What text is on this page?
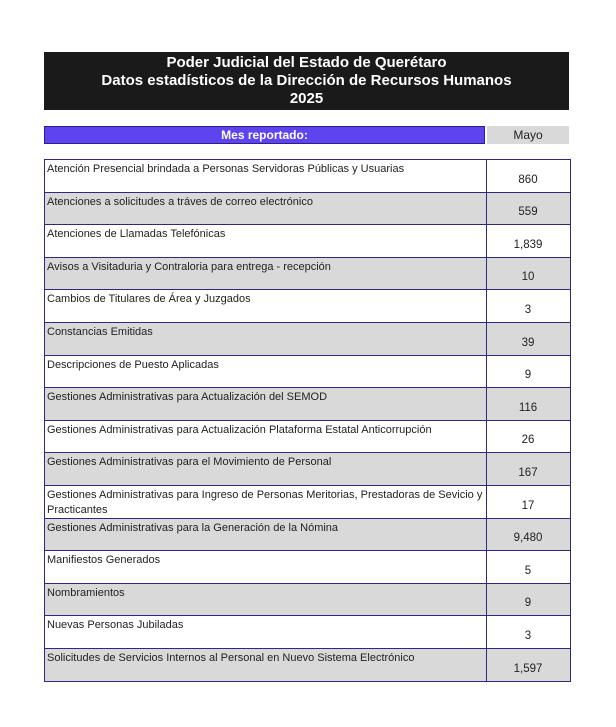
Poder Judicial del Estado de Querétaro
Datos estadísticos de la Dirección de Recursos Humanos
2025
Mes reportado:	Mayo
Atención Presencial brindada a Personas Servidoras Públicas y Usuarias
860
Atenciones a solicitudes a tráves de correo electrónico
559
Atenciones de Llamadas Telefónicas
1,839
Avisos a Visitaduria y Contraloria para entrega - recepción
10
Cambios de Titulares de Área y Juzgados
3
Constancias Emitidas
39
Descripciones de Puesto Aplicadas
9
Gestiones Administrativas para Actualización del SEMOD
116
Gestiones Administrativas para Actualización Plataforma Estatal Anticorrupción
26
Gestiones Administrativas para el Movimiento de Personal
167
Gestiones Administrativas para Ingreso de Personas Meritorias, Prestadoras de Sevicio y Practicantes	17
Gestiones Administrativas para la Generación de la Nómina
9,480
Manifiestos Generados
5
Nombramientos
9
Nuevas Personas Jubiladas
3
Solicitudes de Servicios Internos al Personal en Nuevo Sistema Electrónico
1,597
